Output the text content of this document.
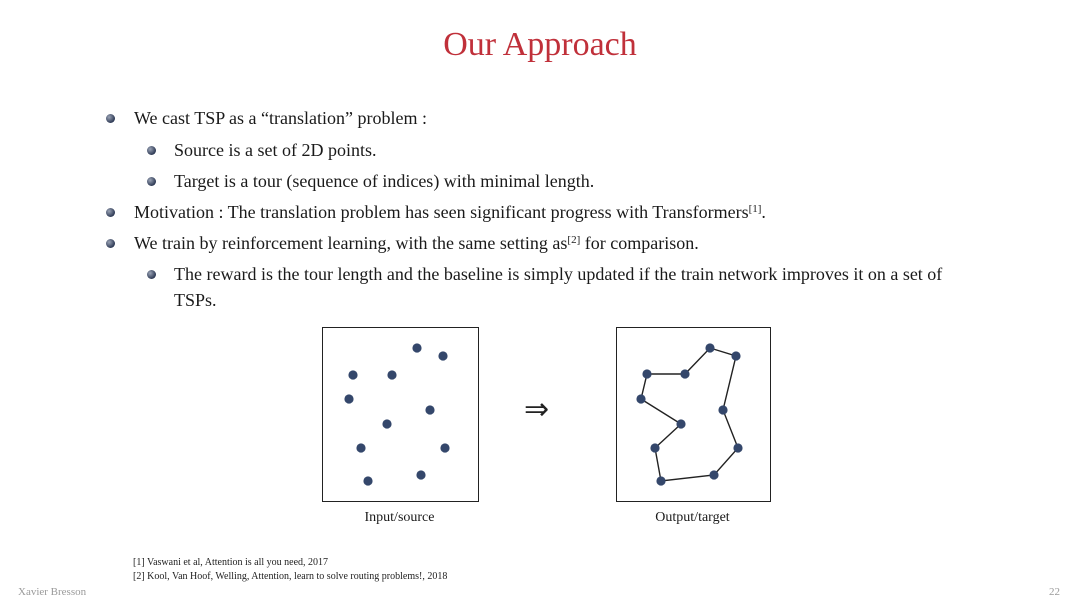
Our Approach
We cast TSP as a “translation” problem :
Source is a set of 2D points.
Target is a tour (sequence of indices) with minimal length.
Motivation : The translation problem has seen significant progress with Transformers[1].
We train by reinforcement learning, with the same setting as[2] for comparison.
The reward is the tour length and the baseline is simply updated if the train network improves it on a set of TSPs.
Input/source
⇒
Output/target
[1] Vaswani et al, Attention is all you need, 2017
[2] Kool, Van Hoof, Welling, Attention, learn to solve routing problems!, 2018
Xavier Bresson	22
